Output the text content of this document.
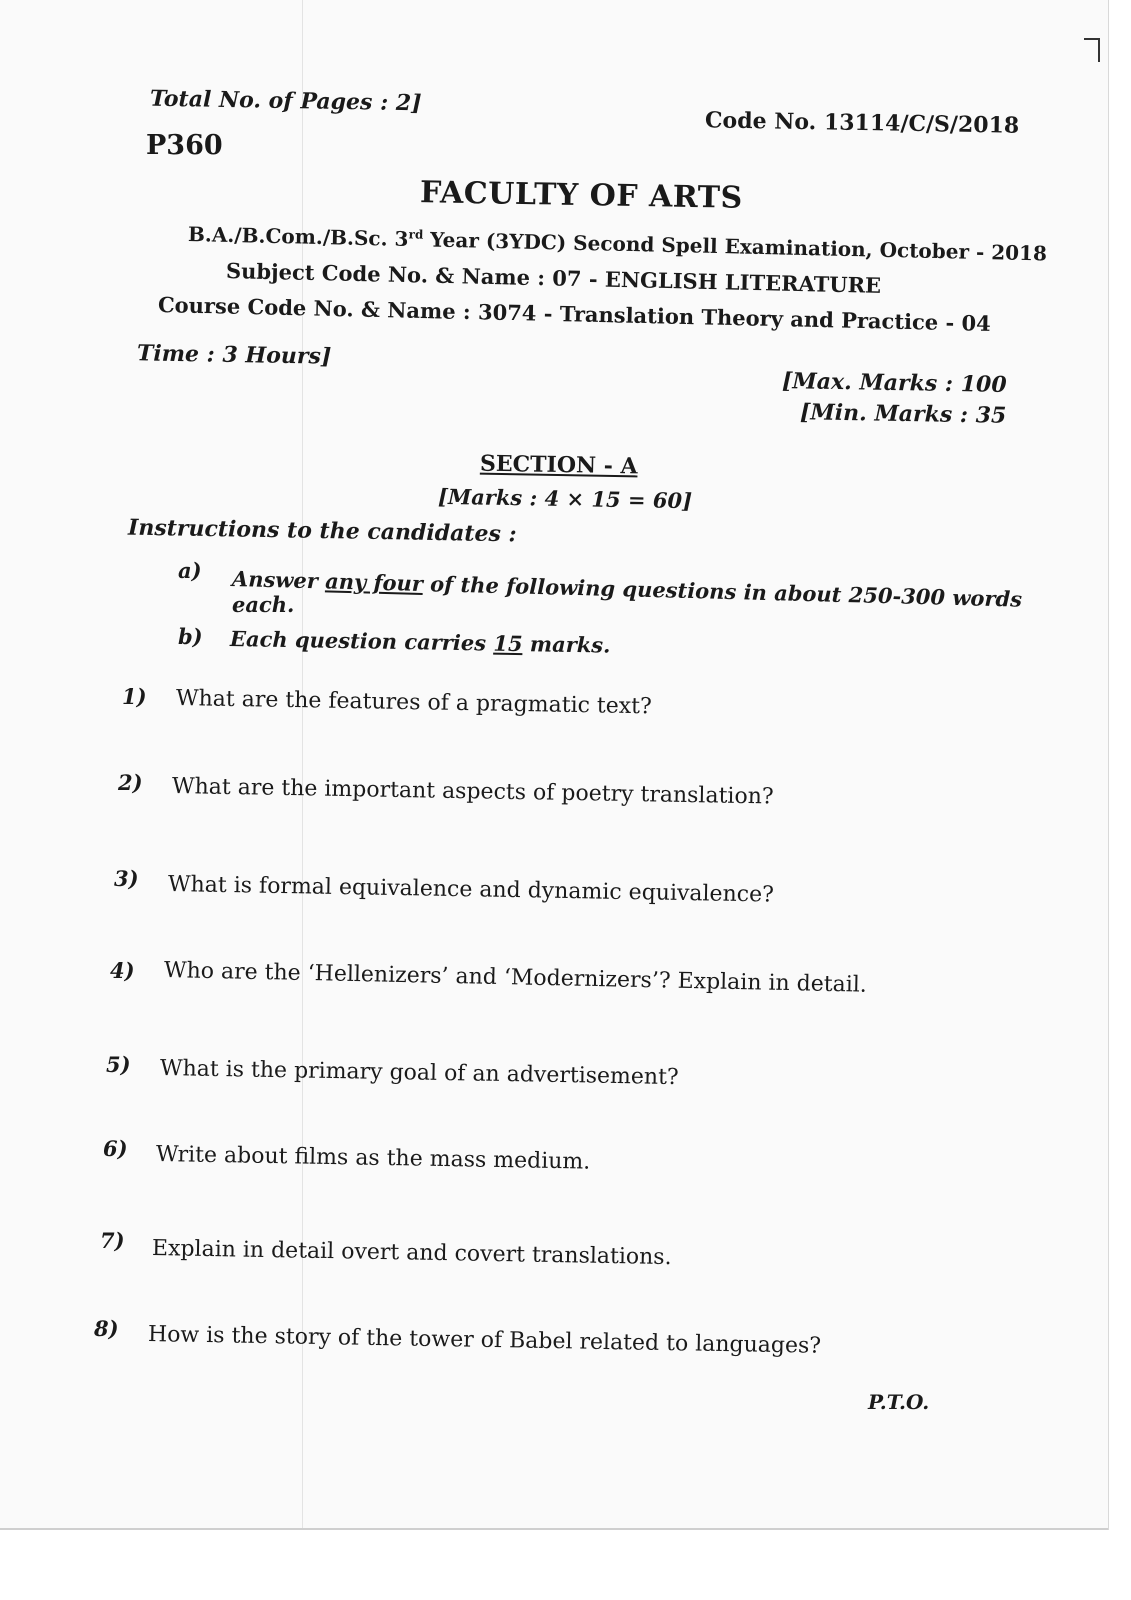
Total No. of Pages : 2]
P360
Code No. 13114/C/S/2018
FACULTY OF ARTS
B.A./B.Com./B.Sc. 3rd Year (3YDC) Second Spell Examination, October - 2018
Subject Code No. & Name : 07 - ENGLISH LITERATURE
Course Code No. & Name : 3074 - Translation Theory and Practice - 04
Time : 3 Hours]
[Max. Marks : 100
[Min. Marks : 35
SECTION - A
[Marks : 4 × 15 = 60]
Instructions to the candidates :
a) Answer any four of the following questions in about 250-300 words
each.
b) Each question carries 15 marks.
1) What are the features of a pragmatic text?
2) What are the important aspects of poetry translation?
3) What is formal equivalence and dynamic equivalence?
4) Who are the ‘Hellenizers’ and ‘Modernizers’? Explain in detail.
5) What is the primary goal of an advertisement?
6) Write about films as the mass medium.
7) Explain in detail overt and covert translations.
8) How is the story of the tower of Babel related to languages?
P.T.O.
